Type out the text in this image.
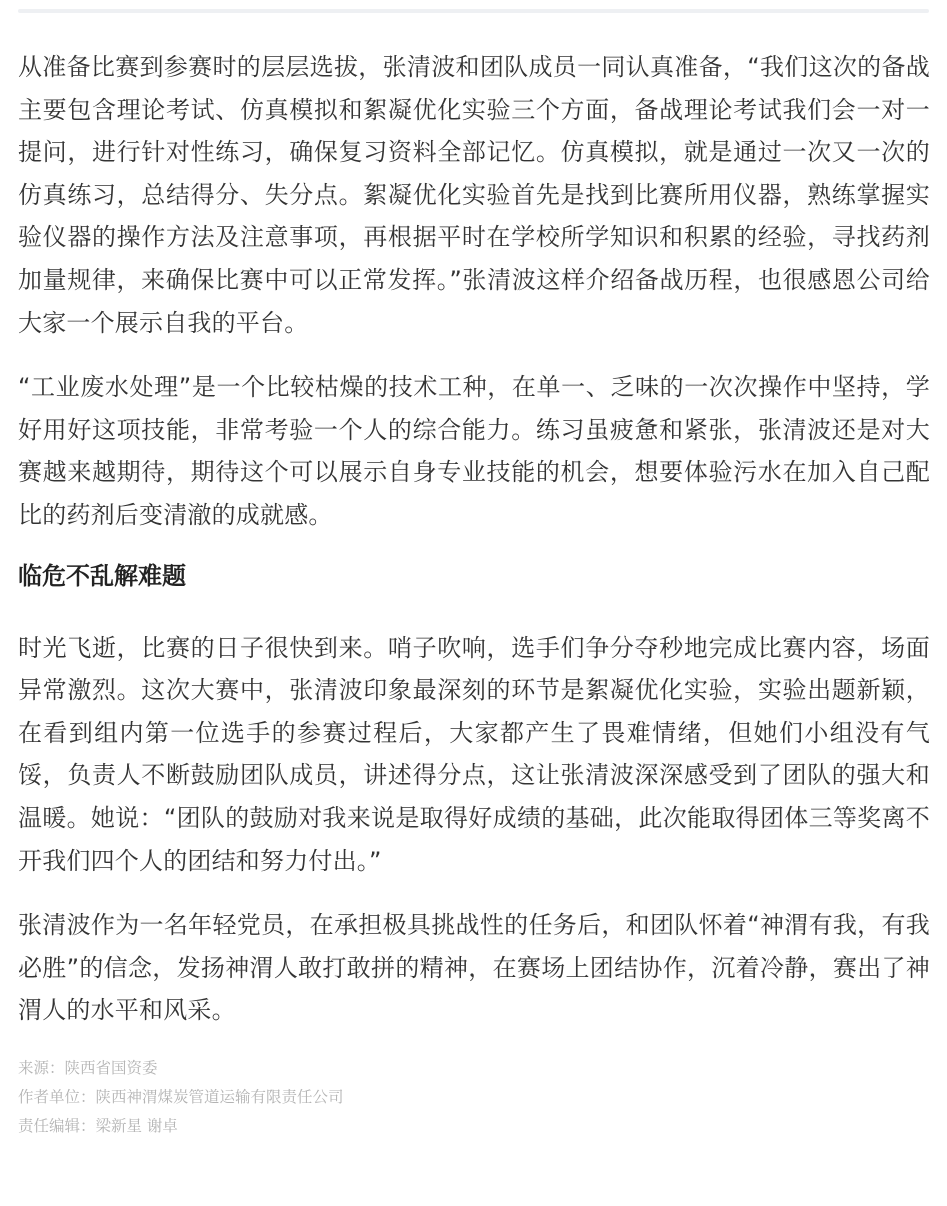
从准备比赛到参赛时的层层选拔，张清波和团队成员一同认真准备，“我们这次的备战主要包含理论考试、仿真模拟和絮凝优化实验三个方面，备战理论考试我们会一对一提问，进行针对性练习，确保复习资料全部记忆。仿真模拟，就是通过一次又一次的仿真练习，总结得分、失分点。絮凝优化实验首先是找到比赛所用仪器，熟练掌握实验仪器的操作方法及注意事项，再根据平时在学校所学知识和积累的经验，寻找药剂加量规律，来确保比赛中可以正常发挥。”张清波这样介绍备战历程，也很感恩公司给大家一个展示自我的平台。

“工业废水处理”是一个比较枯燥的技术工种，在单一、乏味的一次次操作中坚持，学好用好这项技能，非常考验一个人的综合能力。练习虽疲惫和紧张，张清波还是对大赛越来越期待，期待这个可以展示自身专业技能的机会，想要体验污水在加入自己配比的药剂后变清澈的成就感。

临危不乱解难题

时光飞逝，比赛的日子很快到来。哨子吹响，选手们争分夺秒地完成比赛内容，场面异常激烈。这次大赛中，张清波印象最深刻的环节是絮凝优化实验，实验出题新颖，在看到组内第一位选手的参赛过程后，大家都产生了畏难情绪，但她们小组没有气馁，负责人不断鼓励团队成员，讲述得分点，这让张清波深深感受到了团队的强大和温暖。她说：“团队的鼓励对我来说是取得好成绩的基础，此次能取得团体三等奖离不开我们四个人的团结和努力付出。”

张清波作为一名年轻党员，在承担极具挑战性的任务后，和团队怀着“神渭有我，有我必胜”的信念，发扬神渭人敢打敢拼的精神，在赛场上团结协作，沉着冷静，赛出了神渭人的水平和风采。

来源：陕西省国资委
作者单位：陕西神渭煤炭管道运输有限责任公司
责任编辑：梁新星 谢卓
